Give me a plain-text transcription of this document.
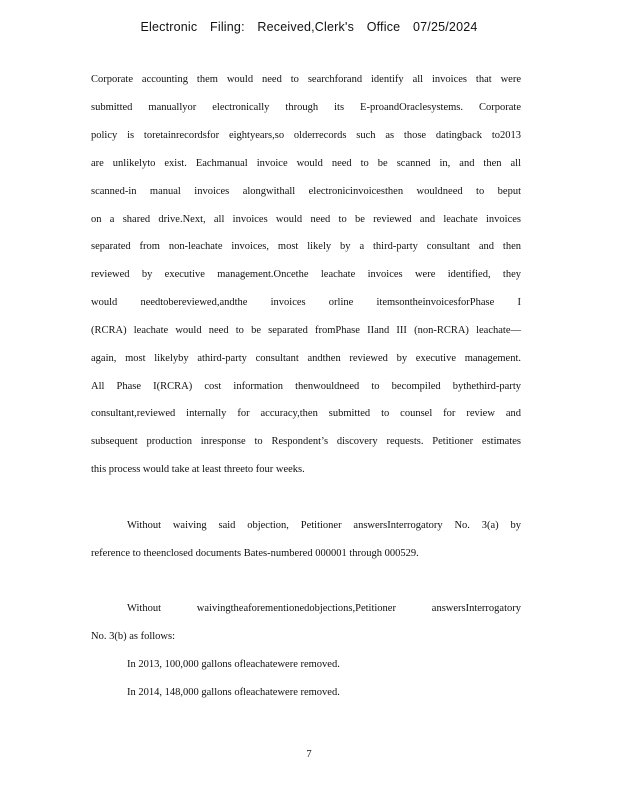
Electronic Filing: Received,Clerk's Office 07/25/2024
Corporate accounting them would need to searchforand identify all invoices that were
submitted manuallyor electronically through its E-proandOraclesystems. Corporate
policy is toretainrecordsfor eightyears,so olderrecords such as those datingback to2013
are unlikelyto exist. Eachmanual invoice would need to be scanned in, and then all
scanned-in manual invoices alongwithall electronicinvoicesthen wouldneed to beput
on a shared drive.Next, all invoices would need to be reviewed and leachate invoices
separated from non-leachate invoices, most likely by a third-party consultant and then
reviewed by executive management.Oncethe leachate invoices were identified, they
would needtobereviewed,andthe invoices orline itemsontheinvoicesforPhase I
(RCRA) leachate would need to be separated fromPhase IIand III (non-RCRA) leachate—
again, most likelyby athird-party consultant andthen reviewed by executive management.
All Phase I(RCRA) cost information thenwouldneed to becompiled bythethird-party
consultant,reviewed internally for accuracy,then submitted to counsel for review and
subsequent production inresponse to Respondent’s discovery requests. Petitioner estimates
this process would take at least threeto four weeks.
Without waiving said objection, Petitioner answersInterrogatory No. 3(a) by
reference to theenclosed documents Bates-numbered 000001 through 000529.
Without waivingtheaforementionedobjections,Petitioner answersInterrogatory
No. 3(b) as follows:
In 2013, 100,000 gallons ofleachatewere removed.
In 2014, 148,000 gallons ofleachatewere removed.
7
